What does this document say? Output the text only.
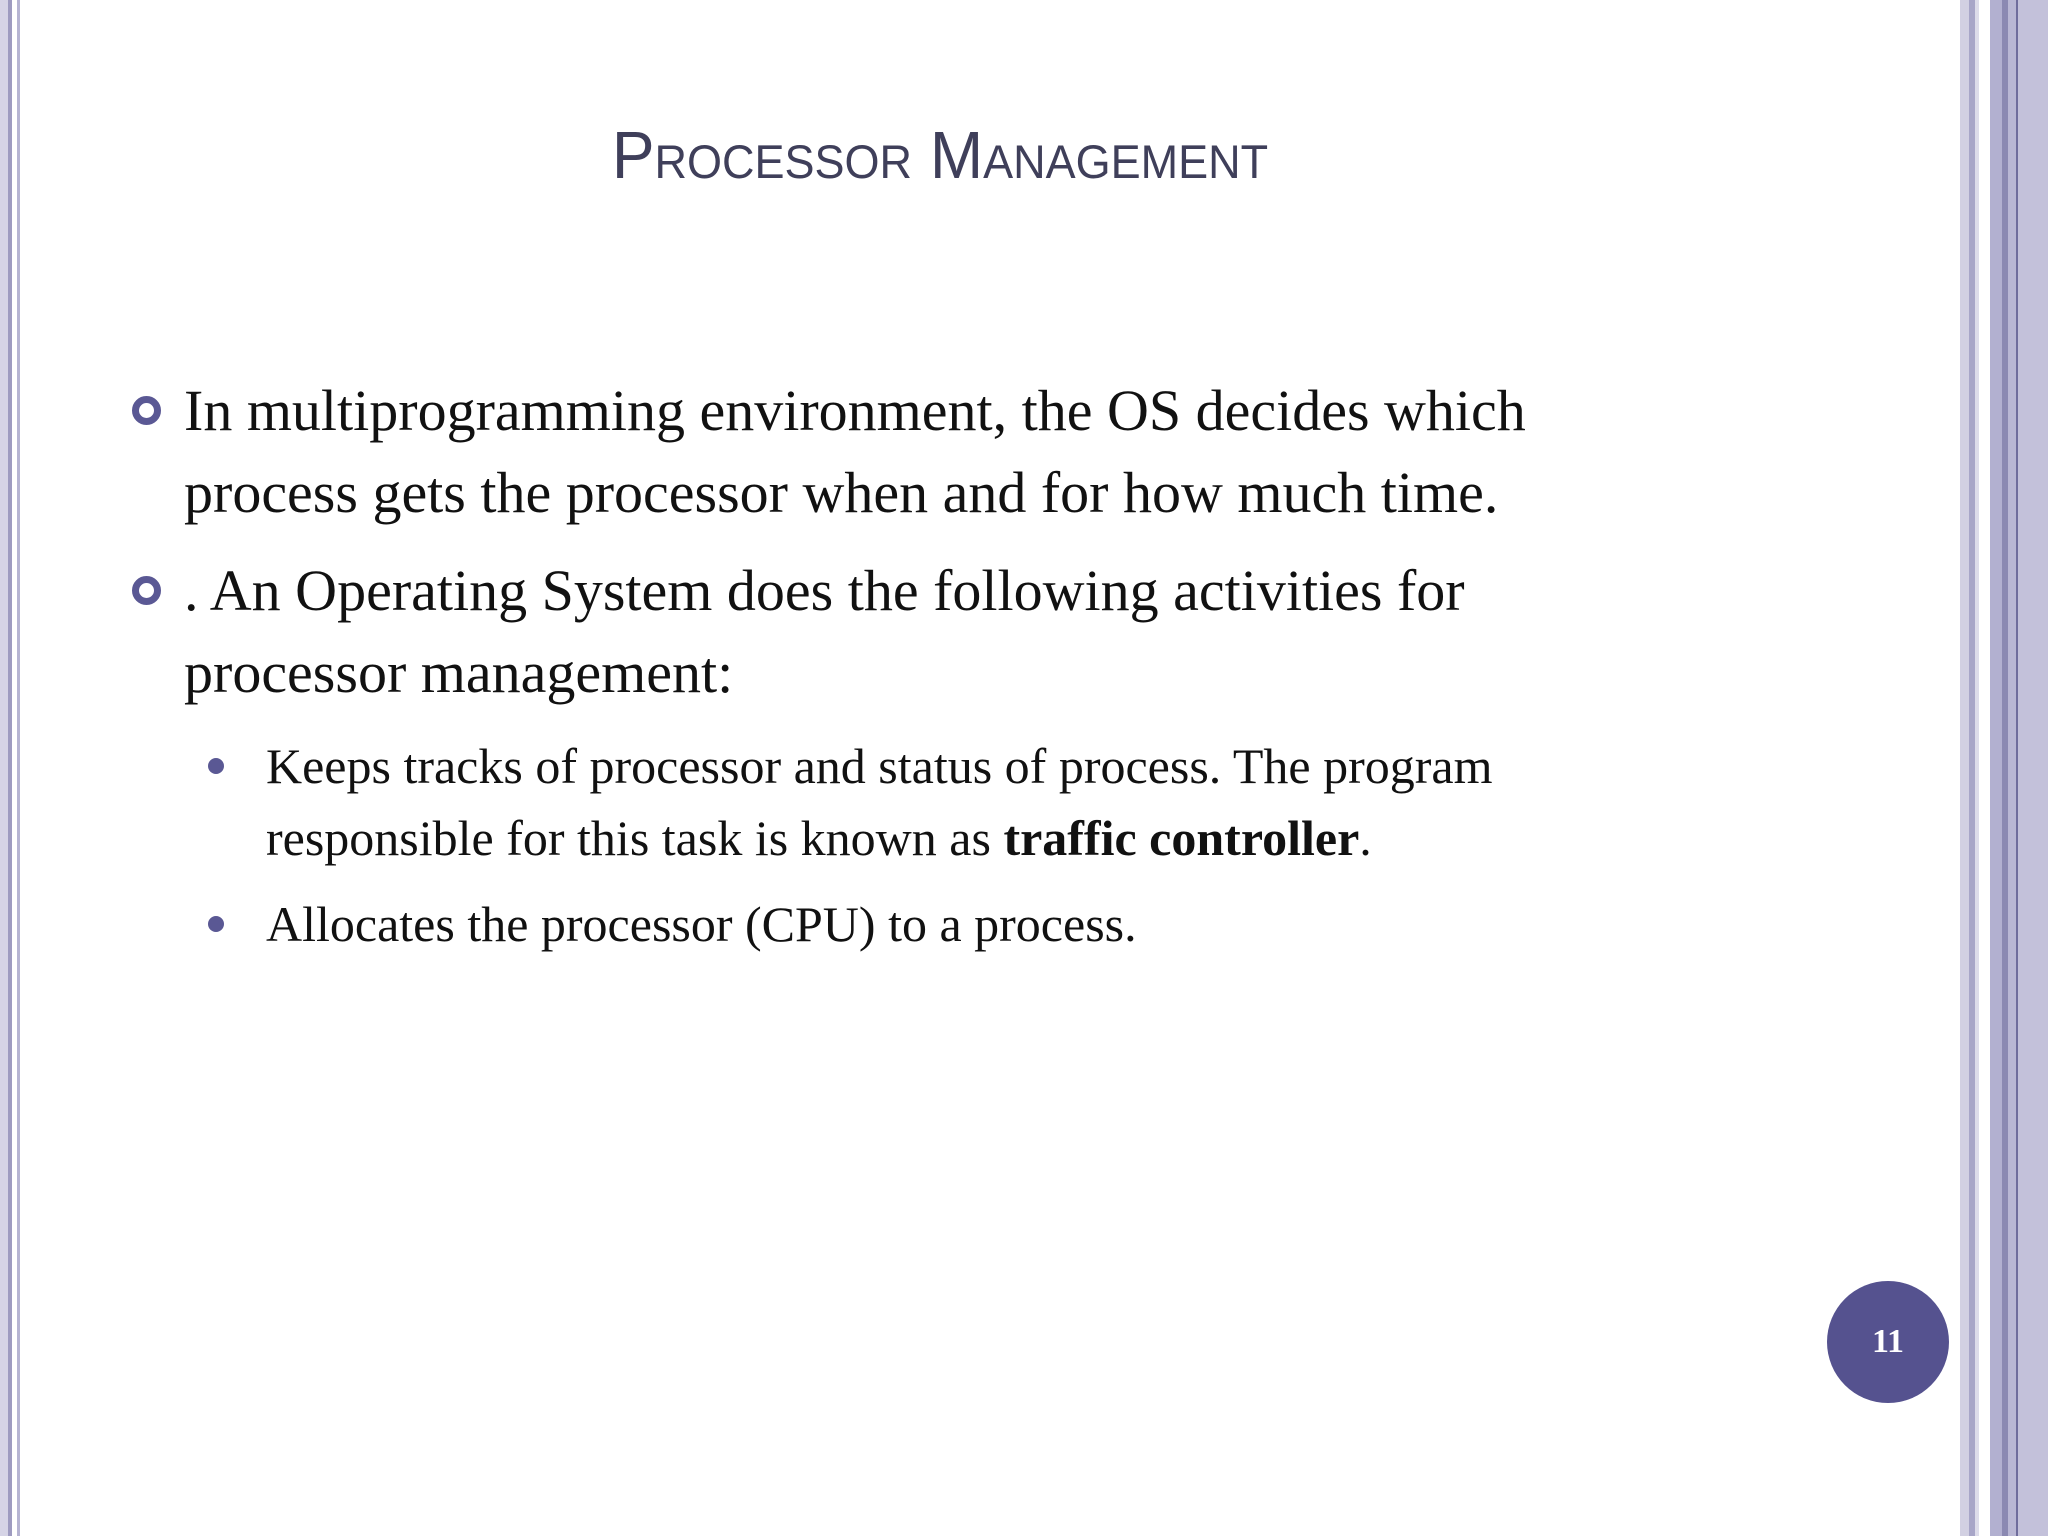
Processor Management
In multiprogramming environment, the OS decides which process gets the processor when and for how much time.
. An Operating System does the following activities for processor management:
Keeps tracks of processor and status of process. The program responsible for this task is known as traffic controller.
Allocates the processor (CPU) to a process.
11
